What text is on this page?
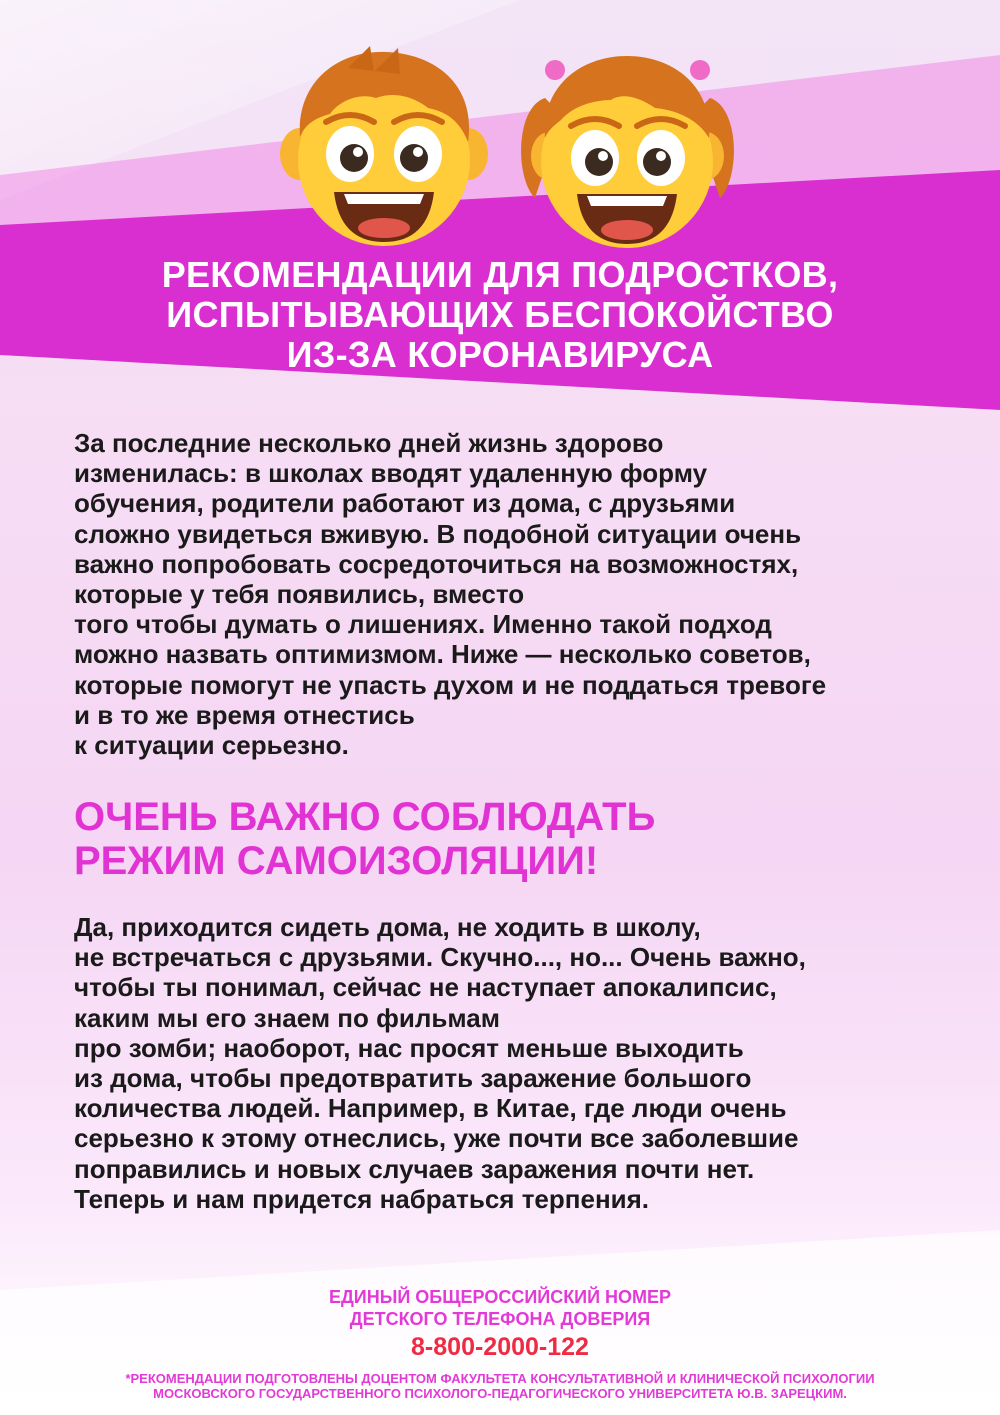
РЕКОМЕНДАЦИИ ДЛЯ ПОДРОСТКОВ,
ИСПЫТЫВАЮЩИХ БЕСПОКОЙСТВО
ИЗ-ЗА КОРОНАВИРУСА

За последние несколько дней жизнь здорово
изменилась: в школах вводят удаленную форму
обучения, родители работают из дома, с друзьями
сложно увидеться вживую. В подобной ситуации очень
важно попробовать сосредоточиться на возможностях,
которые у тебя появились, вместо
того чтобы думать о лишениях. Именно такой подход
можно назвать оптимизмом. Ниже — несколько советов,
которые помогут не упасть духом и не поддаться тревоге
и в то же время отнестись
к ситуации серьезно.

ОЧЕНЬ ВАЖНО СОБЛЮДАТЬ
РЕЖИМ САМОИЗОЛЯЦИИ!

Да, приходится сидеть дома, не ходить в школу,
не встречаться с друзьями. Скучно..., но... Очень важно,
чтобы ты понимал, сейчас не наступает апокалипсис,
каким мы его знаем по фильмам
про зомби; наоборот, нас просят меньше выходить
из дома, чтобы предотвратить заражение большого
количества людей. Например, в Китае, где люди очень
серьезно к этому отнеслись, уже почти все заболевшие
поправились и новых случаев заражения почти нет.
Теперь и нам придется набраться терпения.

ЕДИНЫЙ ОБЩЕРОССИЙСКИЙ НОМЕР
ДЕТСКОГО ТЕЛЕФОНА ДОВЕРИЯ
8-800-2000-122
*РЕКОМЕНДАЦИИ ПОДГОТОВЛЕНЫ ДОЦЕНТОМ ФАКУЛЬТЕТА КОНСУЛЬТАТИВНОЙ И КЛИНИЧЕСКОЙ ПСИХОЛОГИИ
МОСКОВСКОГО ГОСУДАРСТВЕННОГО ПСИХОЛОГО-ПЕДАГОГИЧЕСКОГО УНИВЕРСИТЕТА Ю.В. ЗАРЕЦКИМ.
